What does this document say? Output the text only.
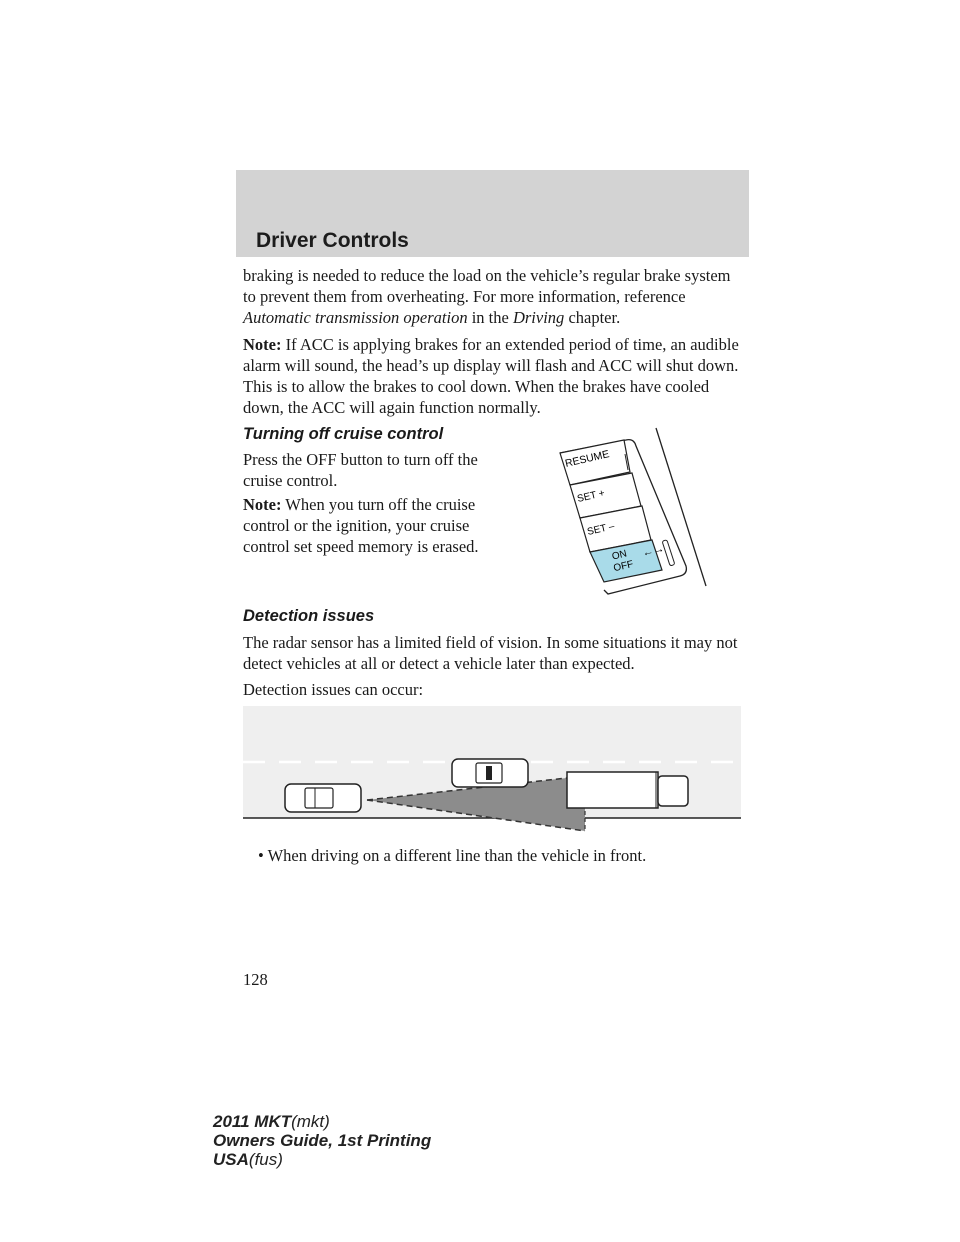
Driver Controls

braking is needed to reduce the load on the vehicle’s regular brake system to prevent them from overheating. For more information, reference Automatic transmission operation in the Driving chapter.

Note: If ACC is applying brakes for an extended period of time, an audible alarm will sound, the head’s up display will flash and ACC will shut down. This is to allow the brakes to cool down. When the brakes have cooled down, the ACC will again function normally.

Turning off cruise control

Press the OFF button to turn off the cruise control.

Note: When you turn off the cruise control or the ignition, your cruise control set speed memory is erased.

RESUME
SET +
SET –
ON
OFF
←→
Detection issues

The radar sensor has a limited field of vision. In some situations it may not detect vehicles at all or detect a vehicle later than expected.

Detection issues can occur:
• When driving on a different line than the vehicle in front.
128
2011 MKT(mkt)
Owners Guide, 1st Printing
USA(fus)
